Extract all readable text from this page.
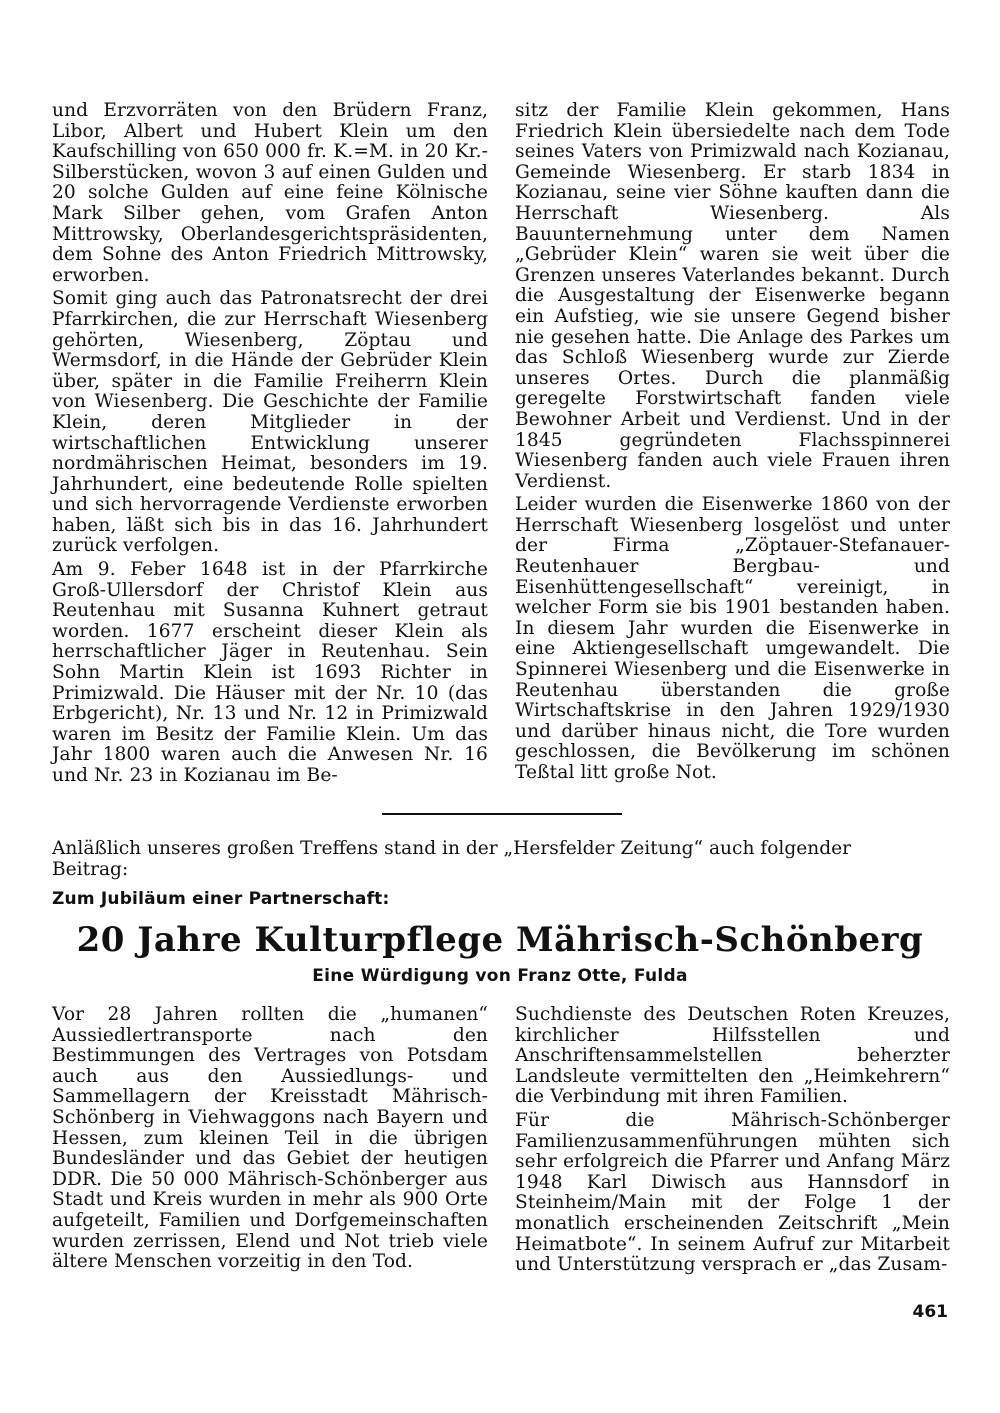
und Erzvorräten von den Brüdern Franz, Libor, Albert und Hubert Klein um den Kaufschilling von 650 000 fr. K.=M. in 20 Kr.-Silberstücken, wovon 3 auf einen Gulden und 20 solche Gulden auf eine feine Kölnische Mark Silber gehen, vom Grafen Anton Mittrowsky, Oberlandesgerichtspräsidenten, dem Sohne des Anton Friedrich Mittrowsky, erworben.

Somit ging auch das Patronatsrecht der drei Pfarrkirchen, die zur Herrschaft Wiesenberg gehörten, Wiesenberg, Zöptau und Wermsdorf, in die Hände der Gebrüder Klein über, später in die Familie Freiherrn Klein von Wiesenberg. Die Geschichte der Familie Klein, deren Mitglieder in der wirtschaftlichen Entwicklung unserer nordmährischen Heimat, besonders im 19. Jahrhundert, eine bedeutende Rolle spielten und sich hervorragende Verdienste erworben haben, läßt sich bis in das 16. Jahrhundert zurück verfolgen.

Am 9. Feber 1648 ist in der Pfarrkirche Groß-Ullersdorf der Christof Klein aus Reutenhau mit Susanna Kuhnert getraut worden. 1677 erscheint dieser Klein als herrschaftlicher Jäger in Reutenhau. Sein Sohn Martin Klein ist 1693 Richter in Primizwald. Die Häuser mit der Nr. 10 (das Erbgericht), Nr. 13 und Nr. 12 in Primizwald waren im Besitz der Familie Klein. Um das Jahr 1800 waren auch die Anwesen Nr. 16 und Nr. 23 in Kozianau im Be-

sitz der Familie Klein gekommen, Hans Friedrich Klein übersiedelte nach dem Tode seines Vaters von Primizwald nach Kozianau, Gemeinde Wiesenberg. Er starb 1834 in Kozianau, seine vier Söhne kauften dann die Herrschaft Wiesenberg. Als Bauunternehmung unter dem Namen „Gebrüder Klein“ waren sie weit über die Grenzen unseres Vaterlandes bekannt. Durch die Ausgestaltung der Eisenwerke begann ein Aufstieg, wie sie unsere Gegend bisher nie gesehen hatte. Die Anlage des Parkes um das Schloß Wiesenberg wurde zur Zierde unseres Ortes. Durch die planmäßig geregelte Forstwirtschaft fanden viele Bewohner Arbeit und Verdienst. Und in der 1845 gegründeten Flachsspinnerei Wiesenberg fanden auch viele Frauen ihren Verdienst.

Leider wurden die Eisenwerke 1860 von der Herrschaft Wiesenberg losgelöst und unter der Firma „Zöptauer-Stefanauer-Reutenhauer Bergbau- und Eisenhüttengesellschaft“ vereinigt, in welcher Form sie bis 1901 bestanden haben. In diesem Jahr wurden die Eisenwerke in eine Aktiengesellschaft umgewandelt. Die Spinnerei Wiesenberg und die Eisenwerke in Reutenhau überstanden die große Wirtschaftskrise in den Jahren 1929/1930 und darüber hinaus nicht, die Tore wurden geschlossen, die Bevölkerung im schönen Teßtal litt große Not.

Anläßlich unseres großen Treffens stand in der „Hersfelder Zeitung“ auch folgender Beitrag:

Zum Jubiläum einer Partnerschaft:
20 Jahre Kulturpflege Mährisch-Schönberg
Eine Würdigung von Franz Otte, Fulda

Vor 28 Jahren rollten die „humanen“ Aussiedlertransporte nach den Bestimmungen des Vertrages von Potsdam auch aus den Aussiedlungs- und Sammellagern der Kreisstadt Mährisch-Schönberg in Viehwaggons nach Bayern und Hessen, zum kleinen Teil in die übrigen Bundesländer und das Gebiet der heutigen DDR. Die 50 000 Mährisch-Schönberger aus Stadt und Kreis wurden in mehr als 900 Orte aufgeteilt, Familien und Dorfgemeinschaften wurden zerrissen, Elend und Not trieb viele ältere Menschen vorzeitig in den Tod.

Suchdienste des Deutschen Roten Kreuzes, kirchlicher Hilfsstellen und Anschriftensammelstellen beherzter Landsleute vermittelten den „Heimkehrern“ die Verbindung mit ihren Familien.

Für die Mährisch-Schönberger Familienzusammenführungen mühten sich sehr erfolgreich die Pfarrer und Anfang März 1948 Karl Diwisch aus Hannsdorf in Steinheim/Main mit der Folge 1 der monatlich erscheinenden Zeitschrift „Mein Heimatbote“. In seinem Aufruf zur Mitarbeit und Unterstützung versprach er „das Zusam-

461
